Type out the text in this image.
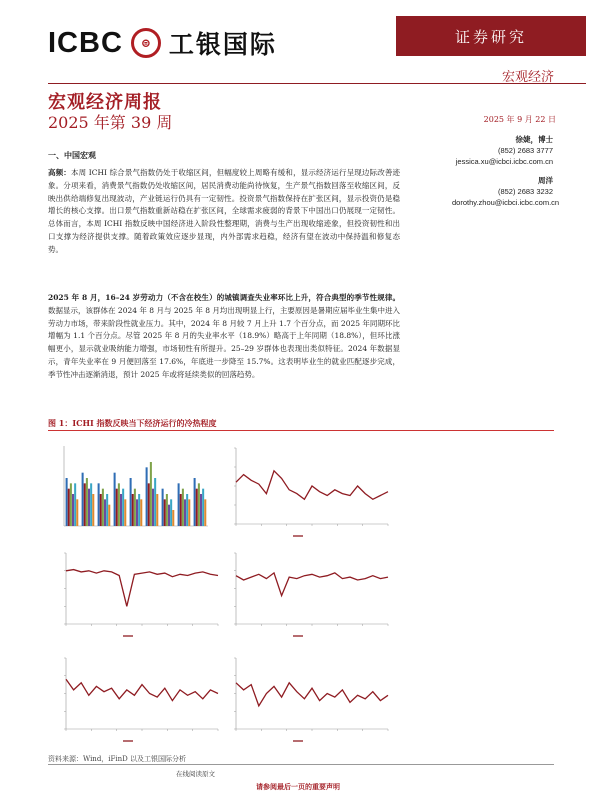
ICBC	⊜ 工银国际	证券研究
宏观经济
宏观经济周报
2025 年第 39 周	2025 年 9 月 22 日
徐婕，博士
(852) 2683 3777
jessica.xu@icbci.icbc.com.cn
周洋
(852) 2683 3232
dorothy.zhou@icbci.icbc.com.cn
一、中国宏观
高频：本周 ICHI 综合景气指数仍处于收缩区间，但幅度较上周略有缓和，显示经济运行呈现边际改善迹象。分项来看，消费景气指数仍处收缩区间，居民消费动能尚待恢复，生产景气指数回落至收缩区间，反映出供给端修复出现波动，产业链运行仍具有一定韧性。投资景气指数保持在扩张区间，显示投资仍是稳增长的核心支撑。出口景气指数重新站稳在扩张区间，全球需求疲弱的背景下中国出口仍展现一定韧性。总体而言，本周 ICHI 指数反映中国经济进入阶段性整理期，消费与生产出现收缩迹象，但投资韧性和出口支撑为经济提供支撑。随着政策效应逐步显现，内外部需求趋稳，经济有望在波动中保持温和修复态势。
2025 年 8 月，16–24 岁劳动力（不含在校生）的城镇调查失业率环比上升，符合典型的季节性规律。数据显示，该群体在 2024 年 8 月与 2025 年 8 月均出现明显上行，主要原因是暑期应届毕业生集中进入劳动力市场，带来阶段性就业压力。其中，2024 年 8 月较 7 月上升 1.7 个百分点，而 2025 年同期环比增幅为 1.1 个百分点。尽管 2025 年 8 月的失业率水平（18.9%）略高于上年同期（18.8%），但环比涨幅更小，显示就业吸纳能力增强，市场韧性有所提升。25–29 岁群体也表现出类似特征。2024 年数据显示，青年失业率在 9 月便回落至 17.6%，年底进一步降至 15.7%。这表明毕业生的就业匹配逐步完成，季节性冲击逐渐消退，预计 2025 年或将延续类似的回落趋势。
图 1：ICHI 指数反映当下经济运行的冷热程度
资料来源：Wind，iFinD 以及工银国际分析
在线阅读原文
请参阅最后一页的重要声明
